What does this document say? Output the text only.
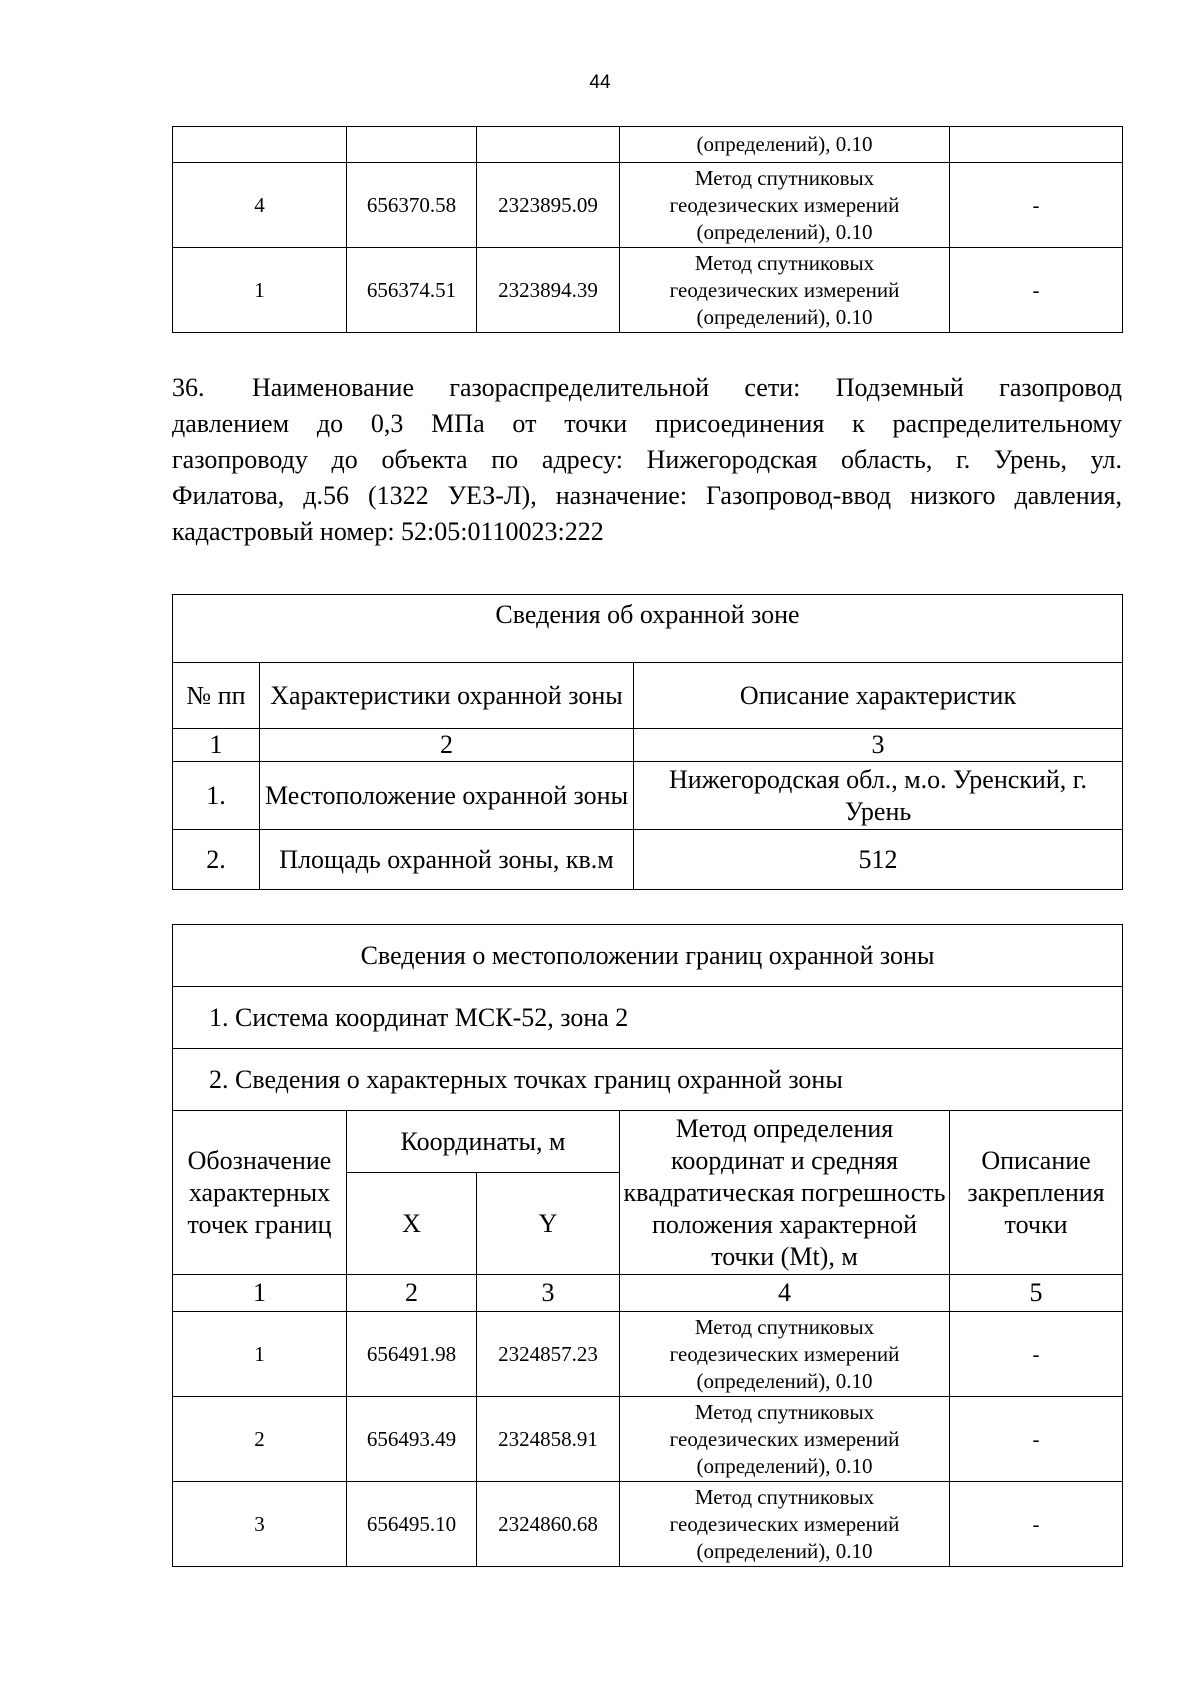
44
			(определений), 0.10	
4	656370.58	2323895.09	Метод спутниковых
геодезических измерений
(определений), 0.10	-
1	656374.51	2323894.39	Метод спутниковых
геодезических измерений
(определений), 0.10	-
36. Наименование газораспределительной сети: Подземный газопровод
давлением до 0,3 МПа от точки присоединения к распределительному
газопроводу до объекта по адресу: Нижегородская область, г. Урень, ул.
Филатова, д.56 (1322 УЕЗ-Л), назначение: Газопровод-ввод низкого давления,
кадастровый номер: 52:05:0110023:222
Сведения об охранной зоне		
№ пп	Характеристики охранной зоны	Описание характеристик
1	2	3
1.	Местоположение охранной зоны	Нижегородская обл., м.о. Уренский, г. Урень
2.	Площадь охранной зоны, кв.м	512
Сведения о местоположении границ охранной зоны				
1. Система координат МСК-52, зона 2				
2. Сведения о характерных точках границ охранной зоны				
Обозначение характерных точек границ	Координаты, м		Метод определения координат и средняя квадратическая погрешность положения характерной точки (Mt), м	Описание закрепления точки
	X	Y		
1	2	3	4	5
1	656491.98	2324857.23	Метод спутниковых
геодезических измерений
(определений), 0.10	-
2	656493.49	2324858.91	Метод спутниковых
геодезических измерений
(определений), 0.10	-
3	656495.10	2324860.68	Метод спутниковых
геодезических измерений
(определений), 0.10	-
